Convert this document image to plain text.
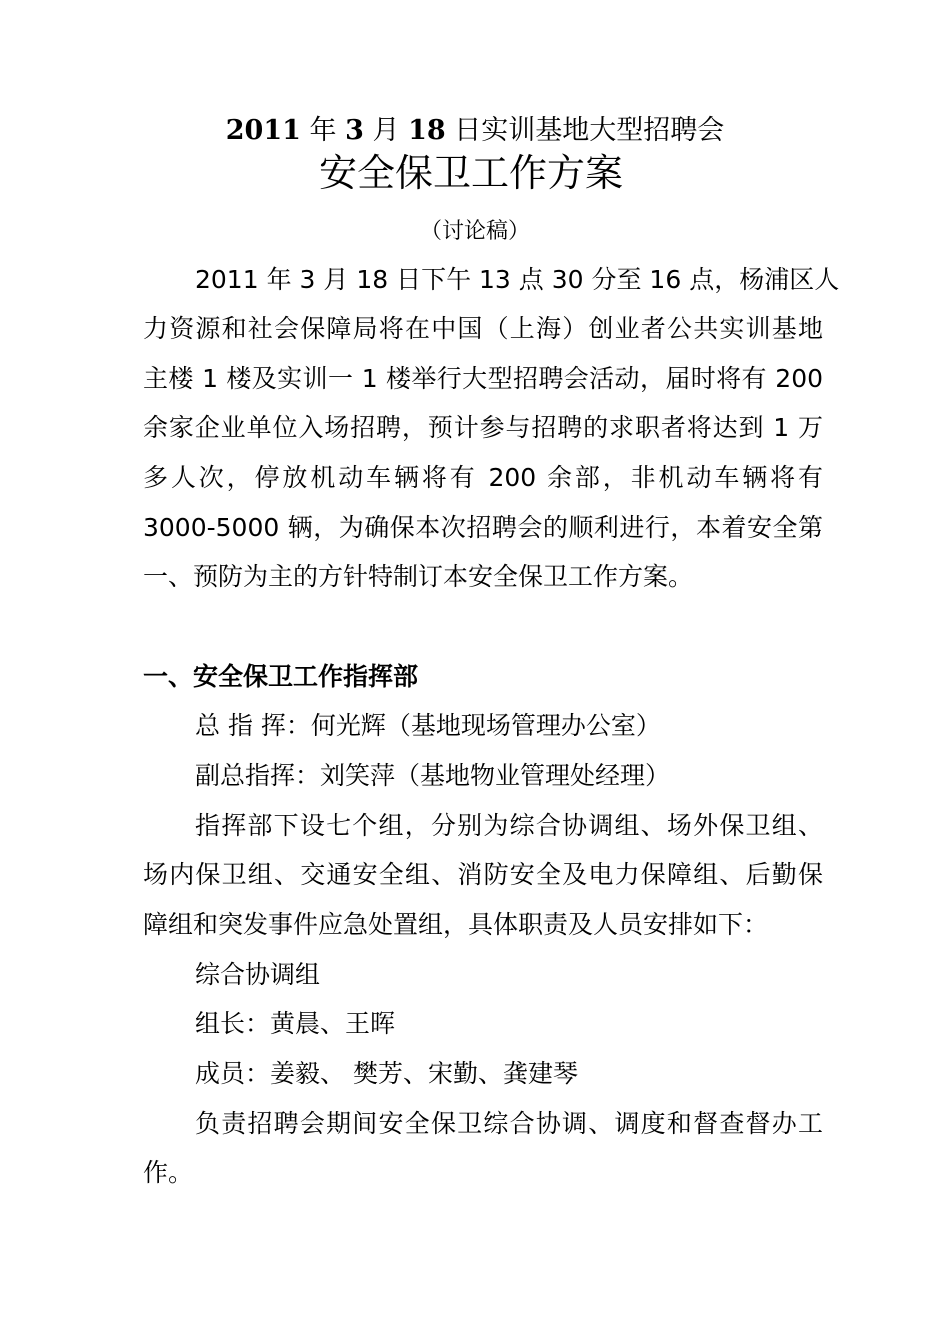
2011 年 3 月 18 日实训基地大型招聘会
安全保卫工作方案
（讨论稿）
2011 年 3 月 18 日下午 13 点 30 分至 16 点，杨浦区人
力资源和社会保障局将在中国（上海）创业者公共实训基地
主楼 1 楼及实训一 1 楼举行大型招聘会活动，届时将有 200
余家企业单位入场招聘，预计参与招聘的求职者将达到 1 万
多人次，停放机动车辆将有 200 余部，非机动车辆将有
3000-5000 辆，为确保本次招聘会的顺利进行，本着安全第
一、预防为主的方针特制订本安全保卫工作方案。
一、安全保卫工作指挥部
总 指 挥：何光辉（基地现场管理办公室）
副总指挥：刘笑萍（基地物业管理处经理）
指挥部下设七个组，分别为综合协调组、场外保卫组、
场内保卫组、交通安全组、消防安全及电力保障组、后勤保
障组和突发事件应急处置组，具体职责及人员安排如下：
综合协调组
组长：黄晨、王晖
成员：姜毅、 樊芳、宋勤、龚建琴
负责招聘会期间安全保卫综合协调、调度和督查督办工
作。
